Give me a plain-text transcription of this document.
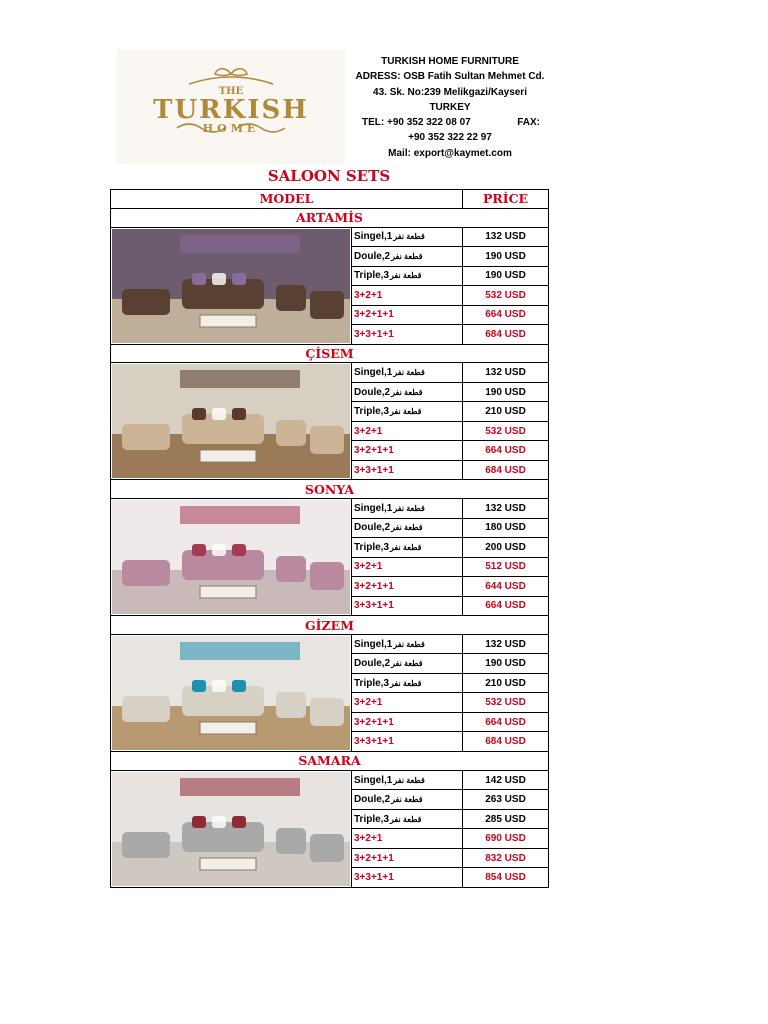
THE
TURKISH
HOME
TURKISH HOME FURNITURE
ADRESS: OSB Fatih Sultan Mehmet Cd.
43. Sk. No:239 Melikgazi/Kayseri
TURKEY
TEL: +90 352 322 08 07	FAX:
+90 352 322 22 97
Mail: export@kaymet.com
SALOON SETS
MODEL		PRİCE
ARTAMİS		

	Singel,1قطعة نفر	132 USD
	Doule,2قطعة نفر	190 USD
	Triple,3قطعة نفر	190 USD
	3+2+1	532 USD
	3+2+1+1	664 USD
	3+3+1+1	684 USD
ÇİSEM		

	Singel,1قطعة نفر	132 USD
	Doule,2قطعة نفر	190 USD
	Triple,3قطعة نفر	210 USD
	3+2+1	532 USD
	3+2+1+1	664 USD
	3+3+1+1	684 USD
SONYA		

	Singel,1قطعة نفر	132 USD
	Doule,2قطعة نفر	180 USD
	Triple,3قطعة نفر	200 USD
	3+2+1	512 USD
	3+2+1+1	644 USD
	3+3+1+1	664 USD
GİZEM		

	Singel,1قطعة نفر	132 USD
	Doule,2قطعة نفر	190 USD
	Triple,3قطعة نفر	210 USD
	3+2+1	532 USD
	3+2+1+1	664 USD
	3+3+1+1	684 USD
SAMARA		

	Singel,1قطعة نفر	142 USD
	Doule,2قطعة نفر	263 USD
	Triple,3قطعة نفر	285 USD
	3+2+1	690 USD
	3+2+1+1	832 USD
	3+3+1+1	854 USD
